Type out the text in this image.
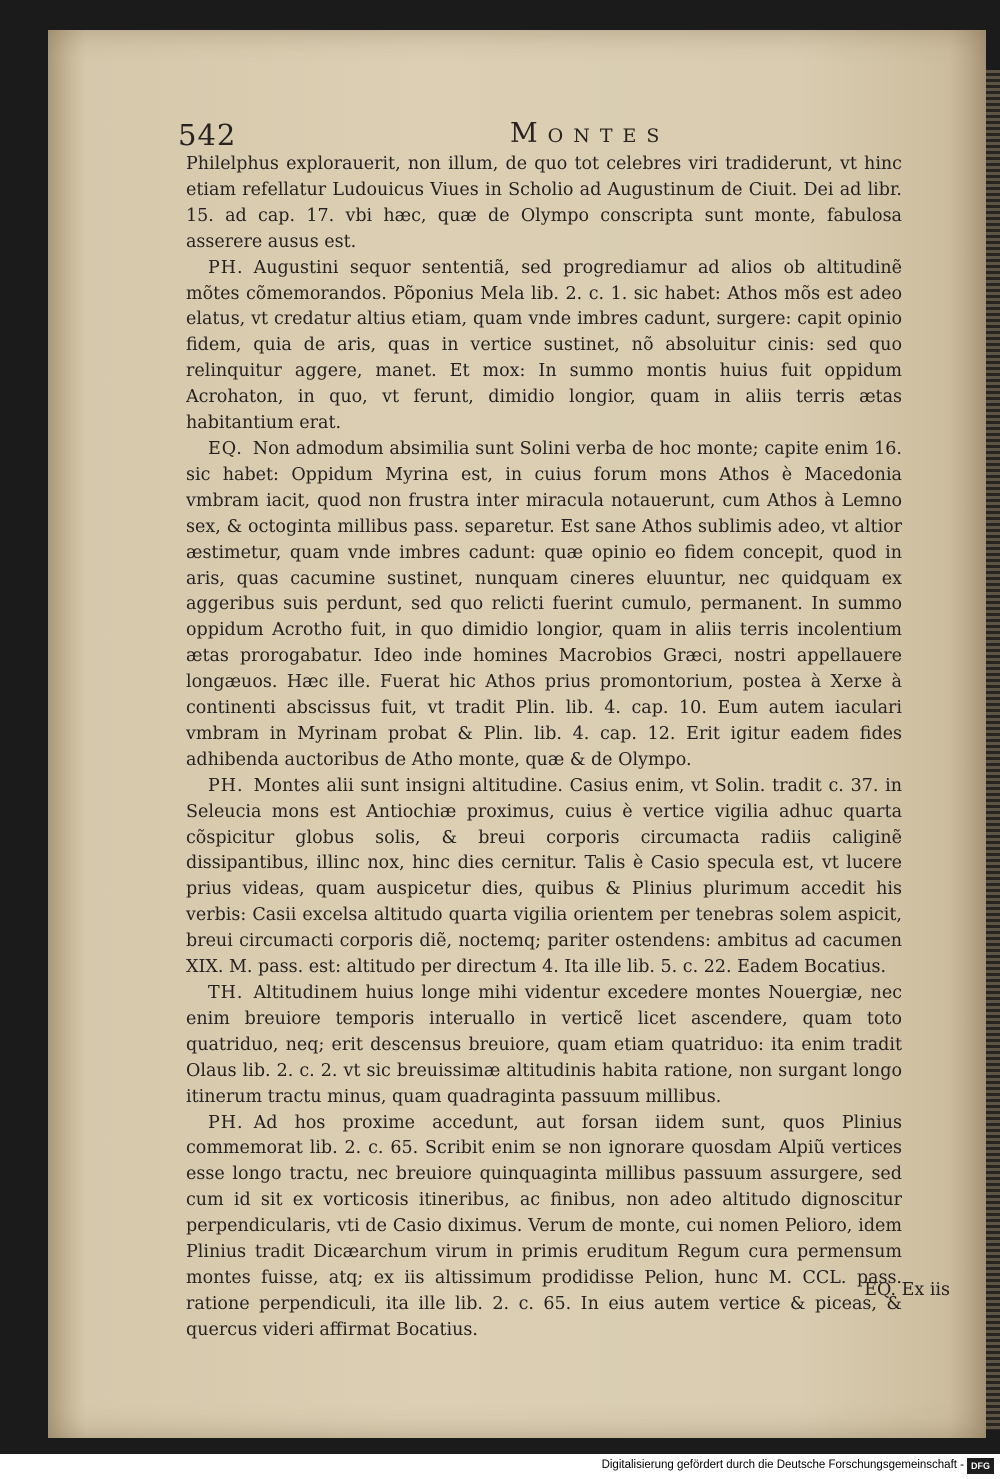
542	Montes

Philelphus explorauerit, non illum, de quo tot celebres viri tradiderunt, vt hinc etiam refellatur Ludouicus Viues in Scholio ad Augustinum de Ciuit. Dei ad libr. 15. ad cap. 17. vbi hæc, quæ de Olympo conscripta sunt monte, fabulosa asserere ausus est.

PH. Augustini sequor sententiã, sed progrediamur ad alios ob altitudinẽ mõtes cõmemorandos. Põponius Mela lib. 2. c. 1. sic habet: Athos mõs est adeo elatus, vt credatur altius etiam, quam vnde imbres cadunt, surgere: capit opinio fidem, quia de aris, quas in vertice sustinet, nõ absoluitur cinis: sed quo relinquitur aggere, manet. Et mox: In summo montis huius fuit oppidum Acrohaton, in quo, vt ferunt, dimidio longior, quam in aliis terris ætas habitantium erat.

EQ. Non admodum absimilia sunt Solini verba de hoc monte; capite enim 16. sic habet: Oppidum Myrina est, in cuius forum mons Athos è Macedonia vmbram iacit, quod non frustra inter miracula notauerunt, cum Athos à Lemno sex, & octoginta millibus pass. separetur. Est sane Athos sublimis adeo, vt altior æstimetur, quam vnde imbres cadunt: quæ opinio eo fidem concepit, quod in aris, quas cacumine sustinet, nunquam cineres eluuntur, nec quidquam ex aggeribus suis perdunt, sed quo relicti fuerint cumulo, permanent. In summo oppidum Acrotho fuit, in quo dimidio longior, quam in aliis terris incolentium ætas prorogabatur. Ideo inde homines Macrobios Græci, nostri appellauere longæuos. Hæc ille. Fuerat hic Athos prius promontorium, postea à Xerxe à continenti abscissus fuit, vt tradit Plin. lib. 4. cap. 10. Eum autem iaculari vmbram in Myrinam probat & Plin. lib. 4. cap. 12. Erit igitur eadem fides adhibenda auctoribus de Atho monte, quæ & de Olympo.

PH. Montes alii sunt insigni altitudine. Casius enim, vt Solin. tradit c. 37. in Seleucia mons est Antiochiæ proximus, cuius è vertice vigilia adhuc quarta cõspicitur globus solis, & breui corporis circumacta radiis caliginẽ dissipantibus, illinc nox, hinc dies cernitur. Talis è Casio specula est, vt lucere prius videas, quam auspicetur dies, quibus & Plinius plurimum accedit his verbis: Casii excelsa altitudo quarta vigilia orientem per tenebras solem aspicit, breui circumacti corporis diẽ, noctemq; pariter ostendens: ambitus ad cacumen XIX. M. pass. est: altitudo per directum 4. Ita ille lib. 5. c. 22. Eadem Bocatius.

TH. Altitudinem huius longe mihi videntur excedere montes Nouergiæ, nec enim breuiore temporis interuallo in verticẽ licet ascendere, quam toto quatriduo, neq; erit descensus breuiore, quam etiam quatriduo: ita enim tradit Olaus lib. 2. c. 2. vt sic breuissimæ altitudinis habita ratione, non surgant longo itinerum tractu minus, quam quadraginta passuum millibus.

PH. Ad hos proxime accedunt, aut forsan iidem sunt, quos Plinius commemorat lib. 2. c. 65. Scribit enim se non ignorare quosdam Alpiũ vertices esse longo tractu, nec breuiore quinquaginta millibus passuum assurgere, sed cum id sit ex vorticosis itineribus, ac finibus, non adeo altitudo dignoscitur perpendicularis, vti de Casio diximus. Verum de monte, cui nomen Pelioro, idem Plinius tradit Dicæarchum virum in primis eruditum Regum cura permensum montes fuisse, atq; ex iis altissimum prodidisse Pelion, hunc M. CCL. pass. ratione perpendiculi, ita ille lib. 2. c. 65. In eius autem vertice & piceas, & quercus videri affirmat Bocatius.

EQ. Ex iis
Digitalisierung gefördert durch die Deutsche Forschungsgemeinschaft - DFG
